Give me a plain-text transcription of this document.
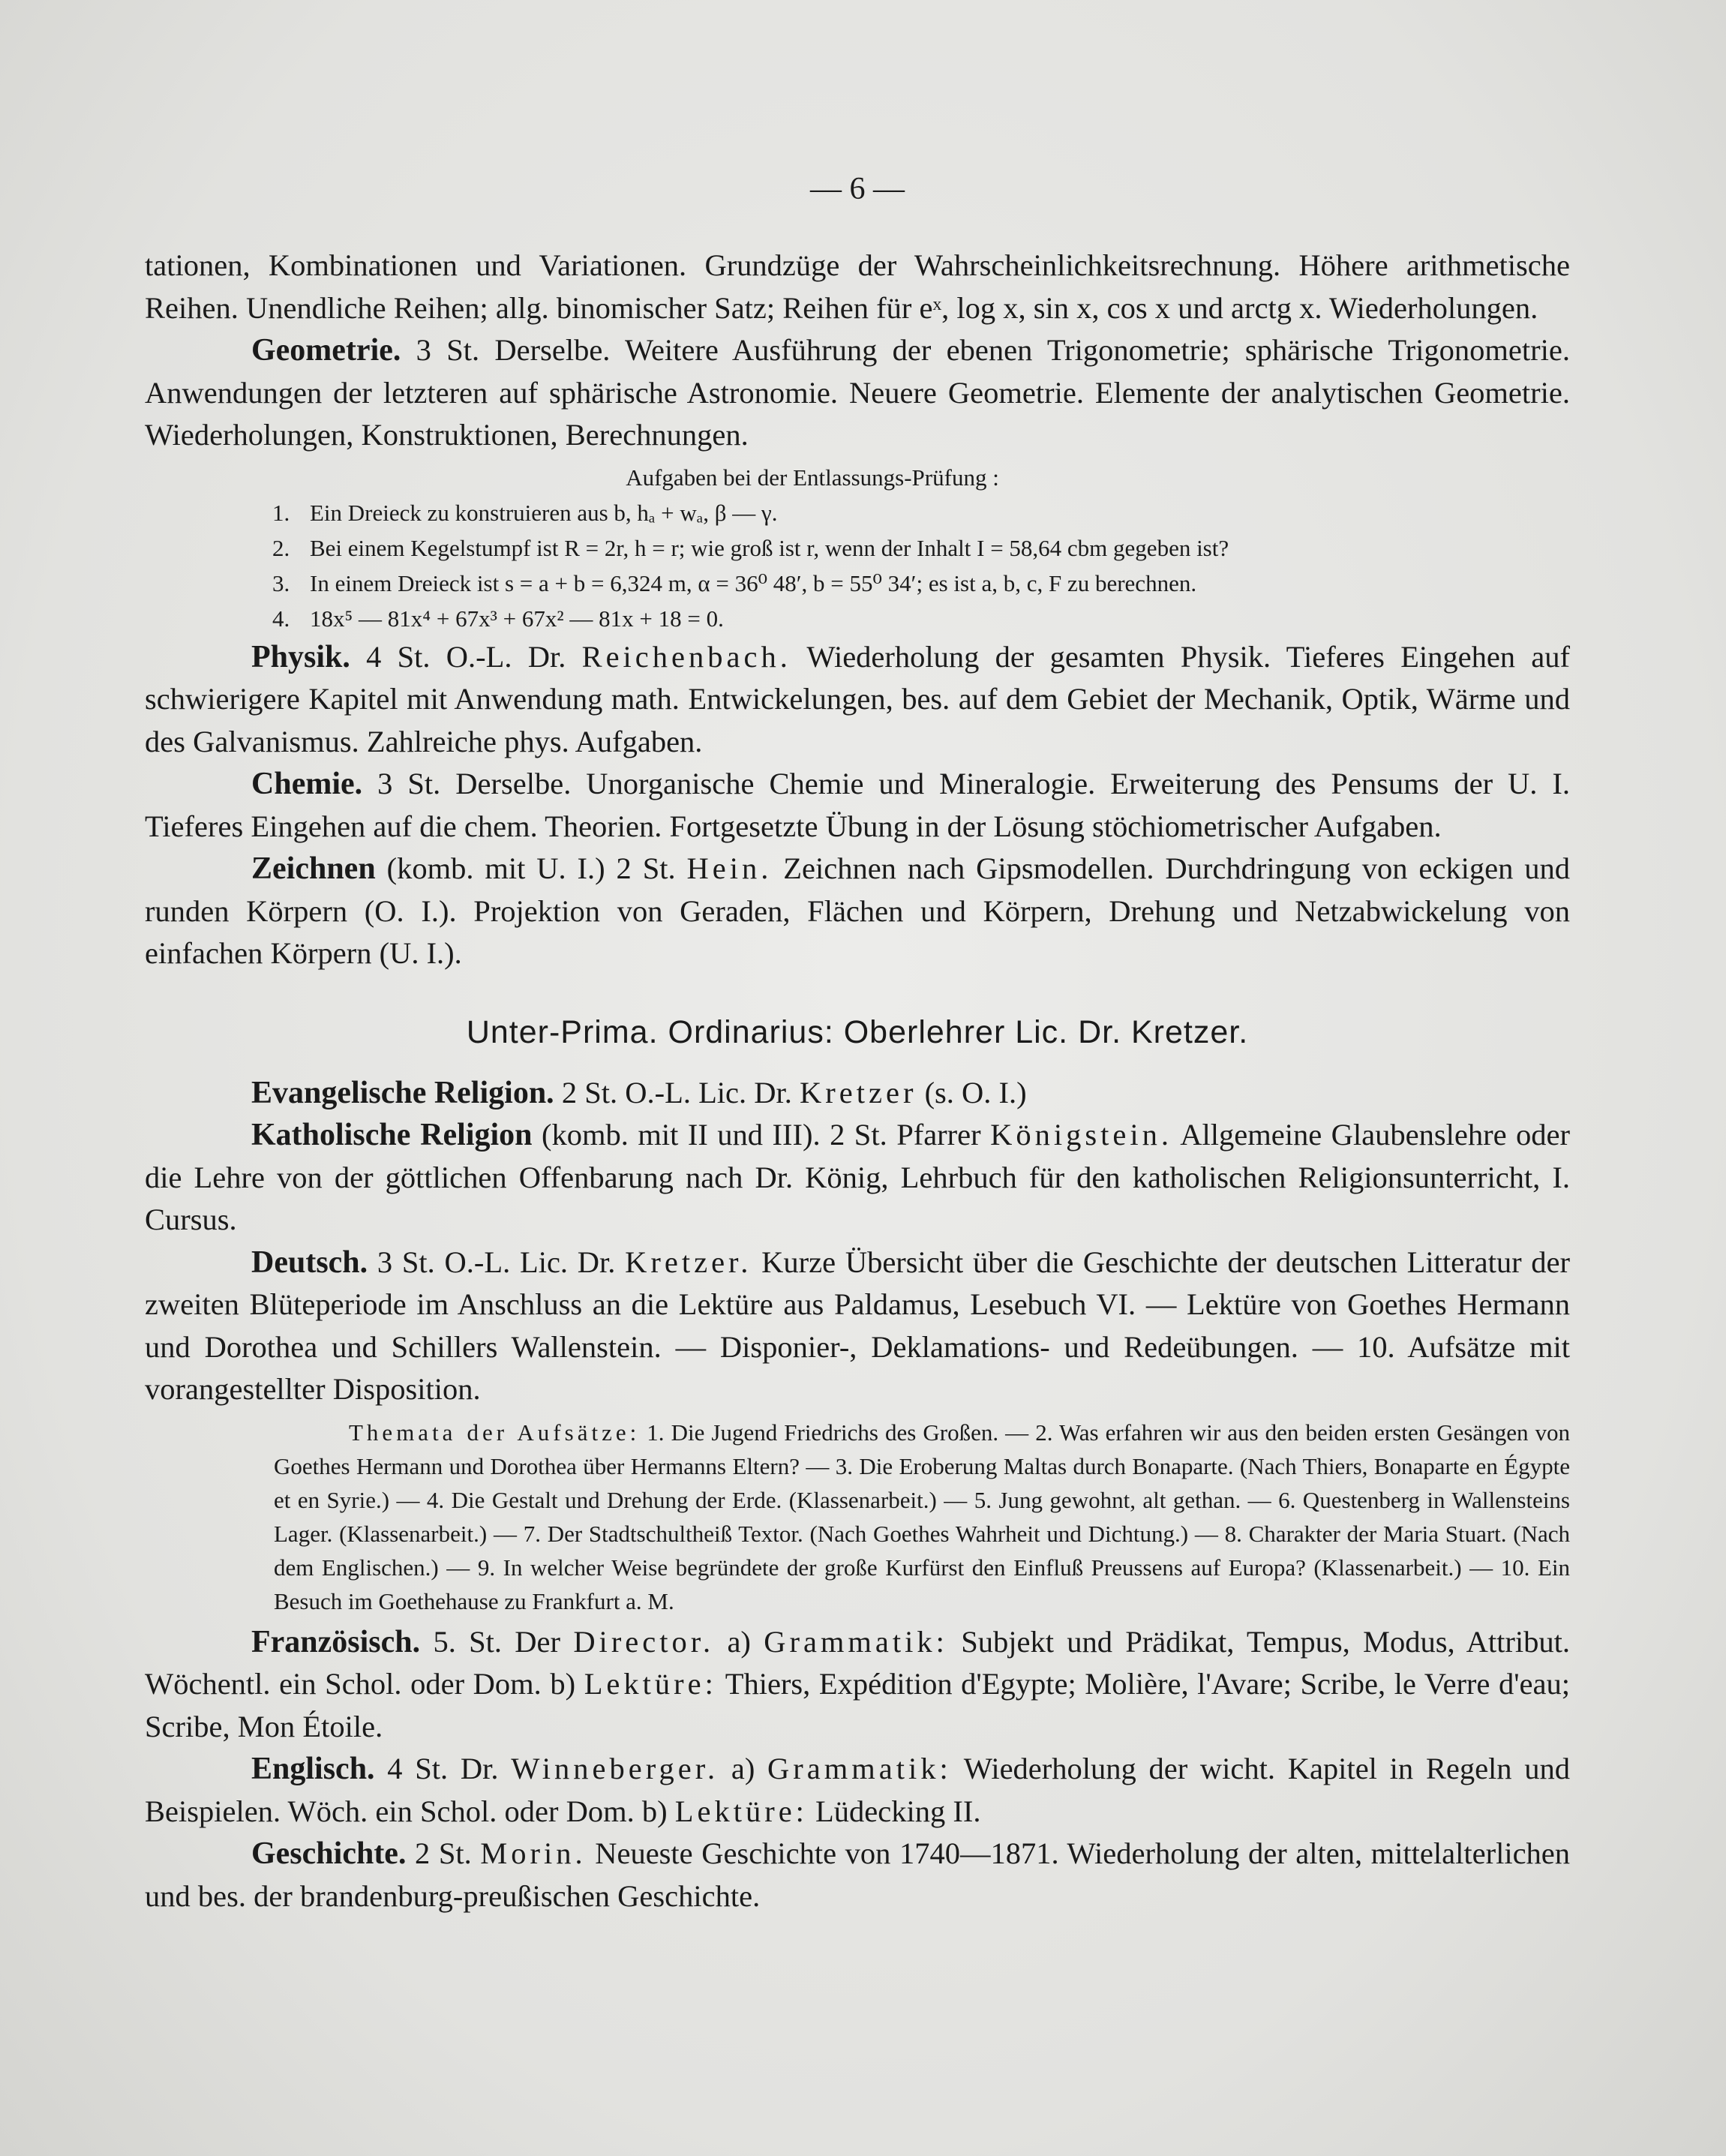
— 6 —

tationen, Kombinationen und Variationen. Grundzüge der Wahrscheinlichkeitsrechnung. Höhere arithmetische Reihen. Unendliche Reihen; allg. binomischer Satz; Reihen für eˣ, log x, sin x, cos x und arctg x. Wiederholungen.

Geometrie. 3 St. Derselbe. Weitere Ausführung der ebenen Trigonometrie; sphärische Trigonometrie. Anwendungen der letzteren auf sphärische Astronomie. Neuere Geometrie. Elemente der analytischen Geometrie. Wiederholungen, Konstruktionen, Berechnungen.

Aufgaben bei der Entlassungs-Prüfung :
1. Ein Dreieck zu konstruieren aus b, hₐ + wₐ, β — γ.
2. Bei einem Kegelstumpf ist R = 2r, h = r; wie groß ist r, wenn der Inhalt I = 58,64 cbm gegeben ist?
3. In einem Dreieck ist s = a + b = 6,324 m, α = 36⁰ 48′, b = 55⁰ 34′; es ist a, b, c, F zu berechnen.
4. 18x⁵ — 81x⁴ + 67x³ + 67x² — 81x + 18 = 0.

Physik. 4 St. O.-L. Dr. Reichenbach. Wiederholung der gesamten Physik. Tieferes Eingehen auf schwierigere Kapitel mit Anwendung math. Entwickelungen, bes. auf dem Gebiet der Mechanik, Optik, Wärme und des Galvanismus. Zahlreiche phys. Aufgaben.

Chemie. 3 St. Derselbe. Unorganische Chemie und Mineralogie. Erweiterung des Pensums der U. I. Tieferes Eingehen auf die chem. Theorien. Fortgesetzte Übung in der Lösung stöchiometrischer Aufgaben.

Zeichnen (komb. mit U. I.) 2 St. Hein. Zeichnen nach Gipsmodellen. Durchdringung von eckigen und runden Körpern (O. I.). Projektion von Geraden, Flächen und Körpern, Drehung und Netzabwickelung von einfachen Körpern (U. I.).

Unter-Prima. Ordinarius: Oberlehrer Lic. Dr. Kretzer.

Evangelische Religion. 2 St. O.-L. Lic. Dr. Kretzer (s. O. I.)

Katholische Religion (komb. mit II und III). 2 St. Pfarrer Königstein. Allgemeine Glaubenslehre oder die Lehre von der göttlichen Offenbarung nach Dr. König, Lehrbuch für den katholischen Religionsunterricht, I. Cursus.

Deutsch. 3 St. O.-L. Lic. Dr. Kretzer. Kurze Übersicht über die Geschichte der deutschen Litteratur der zweiten Blüteperiode im Anschluss an die Lektüre aus Paldamus, Lesebuch VI. — Lektüre von Goethes Hermann und Dorothea und Schillers Wallenstein. — Disponier-, Deklamations- und Redeübungen. — 10. Aufsätze mit vorangestellter Disposition.

Themata der Aufsätze: 1. Die Jugend Friedrichs des Großen. — 2. Was erfahren wir aus den beiden ersten Gesängen von Goethes Hermann und Dorothea über Hermanns Eltern? — 3. Die Eroberung Maltas durch Bonaparte. (Nach Thiers, Bonaparte en Égypte et en Syrie.) — 4. Die Gestalt und Drehung der Erde. (Klassenarbeit.) — 5. Jung gewohnt, alt gethan. — 6. Questenberg in Wallensteins Lager. (Klassenarbeit.) — 7. Der Stadtschultheiß Textor. (Nach Goethes Wahrheit und Dichtung.) — 8. Charakter der Maria Stuart. (Nach dem Englischen.) — 9. In welcher Weise begründete der große Kurfürst den Einfluß Preussens auf Europa? (Klassenarbeit.) — 10. Ein Besuch im Goethehause zu Frankfurt a. M.

Französisch. 5. St. Der Director. a) Grammatik: Subjekt und Prädikat, Tempus, Modus, Attribut. Wöchentl. ein Schol. oder Dom. b) Lektüre: Thiers, Expédition d'Egypte; Molière, l'Avare; Scribe, le Verre d'eau; Scribe, Mon Étoile.

Englisch. 4 St. Dr. Winneberger. a) Grammatik: Wiederholung der wicht. Kapitel in Regeln und Beispielen. Wöch. ein Schol. oder Dom. b) Lektüre: Lüdecking II.

Geschichte. 2 St. Morin. Neueste Geschichte von 1740—1871. Wiederholung der alten, mittelalterlichen und bes. der brandenburg-preußischen Geschichte.
